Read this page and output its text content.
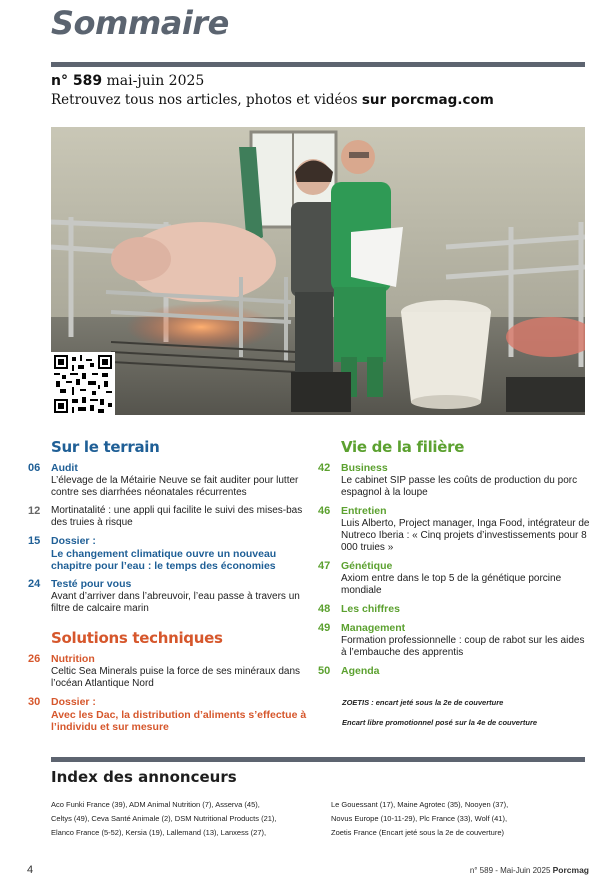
Sommaire
n° 589 mai-juin 2025
Retrouvez tous nos articles, photos et vidéos sur porcmag.com
Sur le terrain
06	Audit
L’élevage de la Métairie Neuve se fait auditer pour lutter contre ses diarrhées néonatales récurrentes
12	Mortinatalité : une appli qui facilite le suivi des mises-bas des truies à risque
15	Dossier :
Le changement climatique ouvre un nouveau chapitre pour l’eau : le temps des économies
24	Testé pour vous
Avant d’arriver dans l’abreuvoir, l’eau passe à travers un filtre de calcaire marin
Solutions techniques
26	Nutrition
Celtic Sea Minerals puise la force de ses minéraux dans l’océan Atlantique Nord
30	Dossier :
Avec les Dac, la distribution d’aliments s’effectue à l’individu et sur mesure
Vie de la filière
42	Business
Le cabinet SIP passe les coûts de production du porc espagnol à la loupe
46	Entretien
Luis Alberto, Project manager, Inga Food, intégrateur de Nutreco Iberia : « Cinq projets d’investissements pour 8 000 truies »
47	Génétique
Axiom entre dans le top 5 de la génétique porcine mondiale
48	Les chiffres
49	Management
Formation professionnelle : coup de rabot sur les aides à l’embauche des apprentis
50	Agenda
ZOETIS : encart jeté sous la 2e de couverture
Encart libre promotionnel posé sur la 4e de couverture
Index des annonceurs
Aco Funki France (39), ADM Animal Nutrition (7), Asserva (45),
Celtys (49), Ceva Santé Animale (2), DSM Nutritional Products (21),
Elanco France (5-52), Kersia (19), Lallemand (13), Lanxess (27),
Le Gouessant (17), Maine Agrotec (35), Nooyen (37),
Novus Europe (10-11-29), Plc France (33), Wolf (41),
Zoetis France (Encart jeté sous la 2e de couverture)
4	n° 589 - Mai-Juin 2025 Porcmag
